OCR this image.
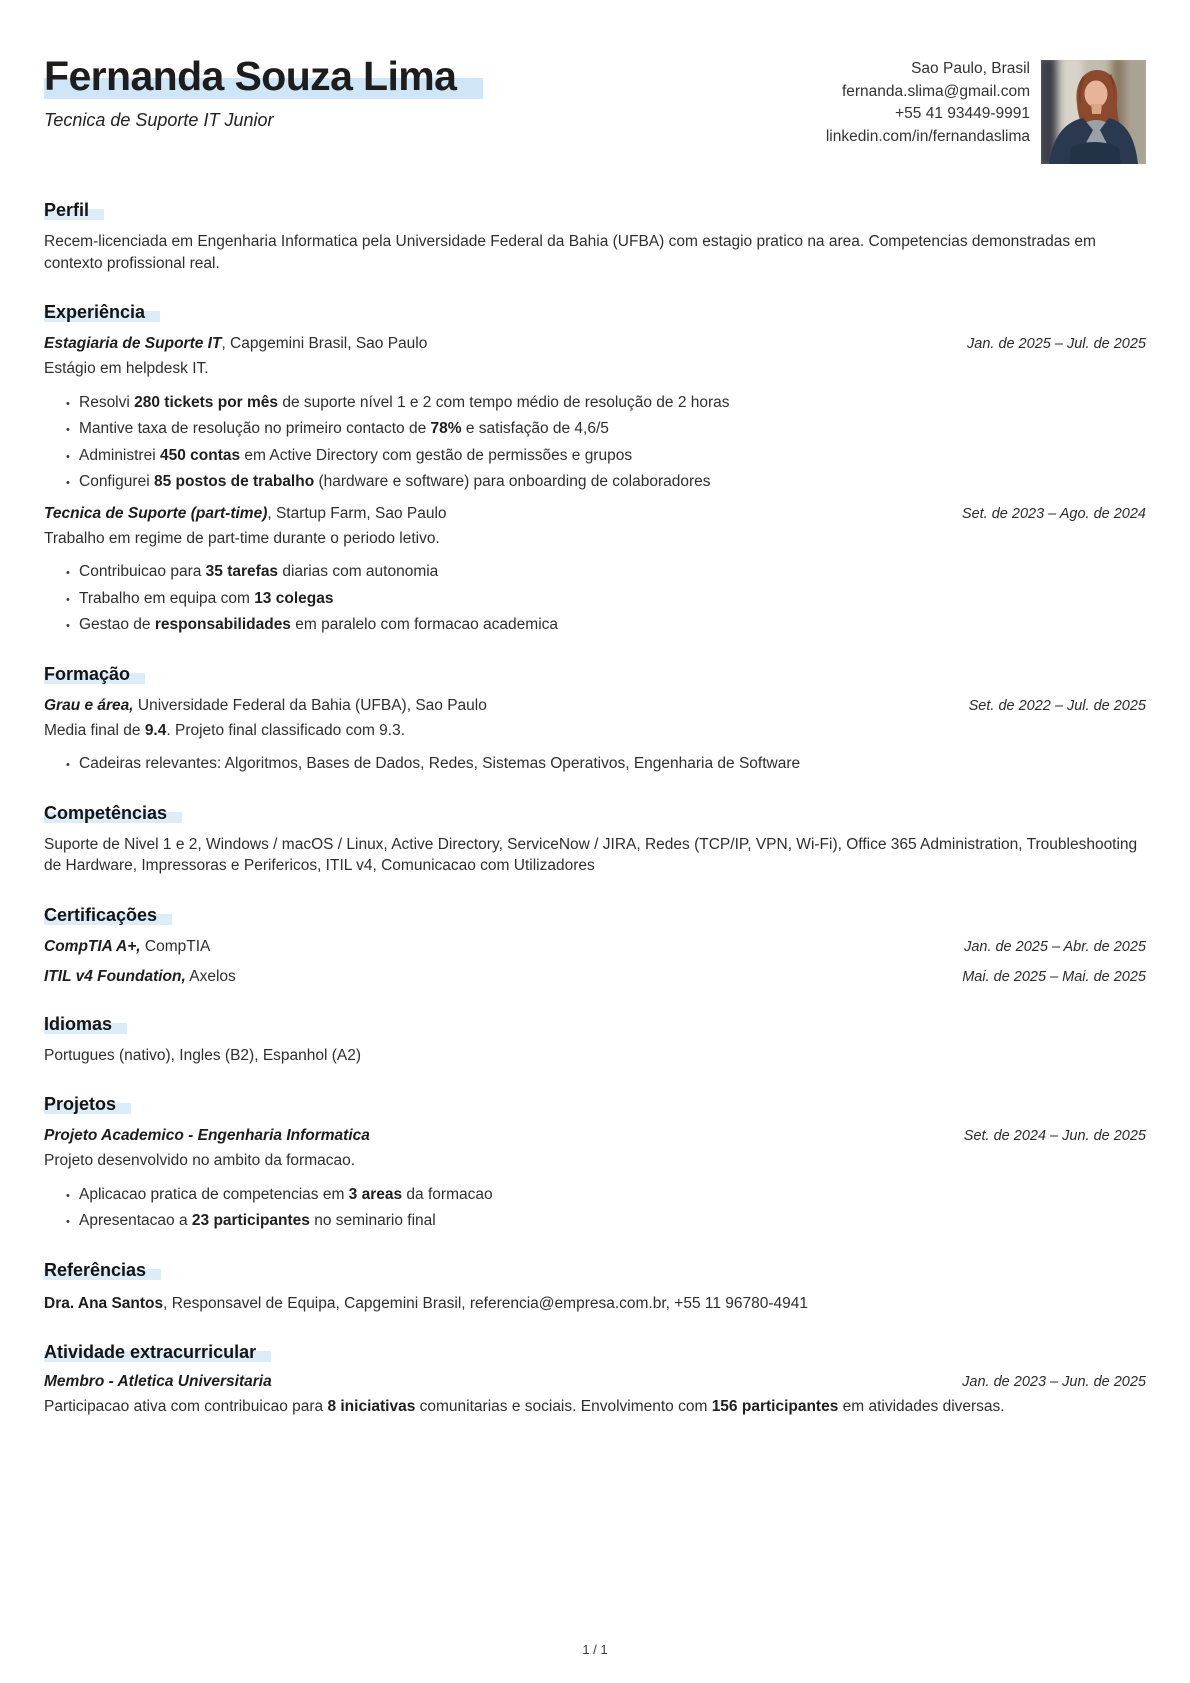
Fernanda Souza Lima
Tecnica de Suporte IT Junior
Sao Paulo, Brasil
fernanda.slima@gmail.com
+55 41 93449-9991
linkedin.com/in/fernandaslima
Perfil

Recem-licenciada em Engenharia Informatica pela Universidade Federal da Bahia (UFBA) com estagio pratico na area. Competencias demonstradas em contexto profissional real.

Experiência
Estagiaria de Suporte IT, Capgemini Brasil, Sao Paulo	Jan. de 2025 – Jul. de 2025

Estágio em helpdesk IT.

• Resolvi 280 tickets por mês de suporte nível 1 e 2 com tempo médio de resolução de 2 horas
• Mantive taxa de resolução no primeiro contacto de 78% e satisfação de 4,6/5
• Administrei 450 contas em Active Directory com gestão de permissões e grupos
• Configurei 85 postos de trabalho (hardware e software) para onboarding de colaboradores
Tecnica de Suporte (part-time), Startup Farm, Sao Paulo	Set. de 2023 – Ago. de 2024

Trabalho em regime de part-time durante o periodo letivo.

• Contribuicao para 35 tarefas diarias com autonomia
• Trabalho em equipa com 13 colegas
• Gestao de responsabilidades em paralelo com formacao academica
Formação
Grau e área, Universidade Federal da Bahia (UFBA), Sao Paulo	Set. de 2022 – Jul. de 2025

Media final de 9.4. Projeto final classificado com 9.3.

• Cadeiras relevantes: Algoritmos, Bases de Dados, Redes, Sistemas Operativos, Engenharia de Software
Competências

Suporte de Nivel 1 e 2, Windows / macOS / Linux, Active Directory, ServiceNow / JIRA, Redes (TCP/IP, VPN, Wi-Fi), Office 365 Administration, Troubleshooting de Hardware, Impressoras e Perifericos, ITIL v4, Comunicacao com Utilizadores

Certificações
CompTIA A+, CompTIA	Jan. de 2025 – Abr. de 2025
ITIL v4 Foundation, Axelos	Mai. de 2025 – Mai. de 2025
Idiomas

Portugues (nativo), Ingles (B2), Espanhol (A2)

Projetos
Projeto Academico - Engenharia Informatica	Set. de 2024 – Jun. de 2025

Projeto desenvolvido no ambito da formacao.

• Aplicacao pratica de competencias em 3 areas da formacao
• Apresentacao a 23 participantes no seminario final
Referências

Dra. Ana Santos, Responsavel de Equipa, Capgemini Brasil, referencia@empresa.com.br, +55 11 96780-4941

Atividade extracurricular
Membro - Atletica Universitaria	Jan. de 2023 – Jun. de 2025

Participacao ativa com contribuicao para 8 iniciativas comunitarias e sociais. Envolvimento com 156 participantes em atividades diversas.

1 / 1
